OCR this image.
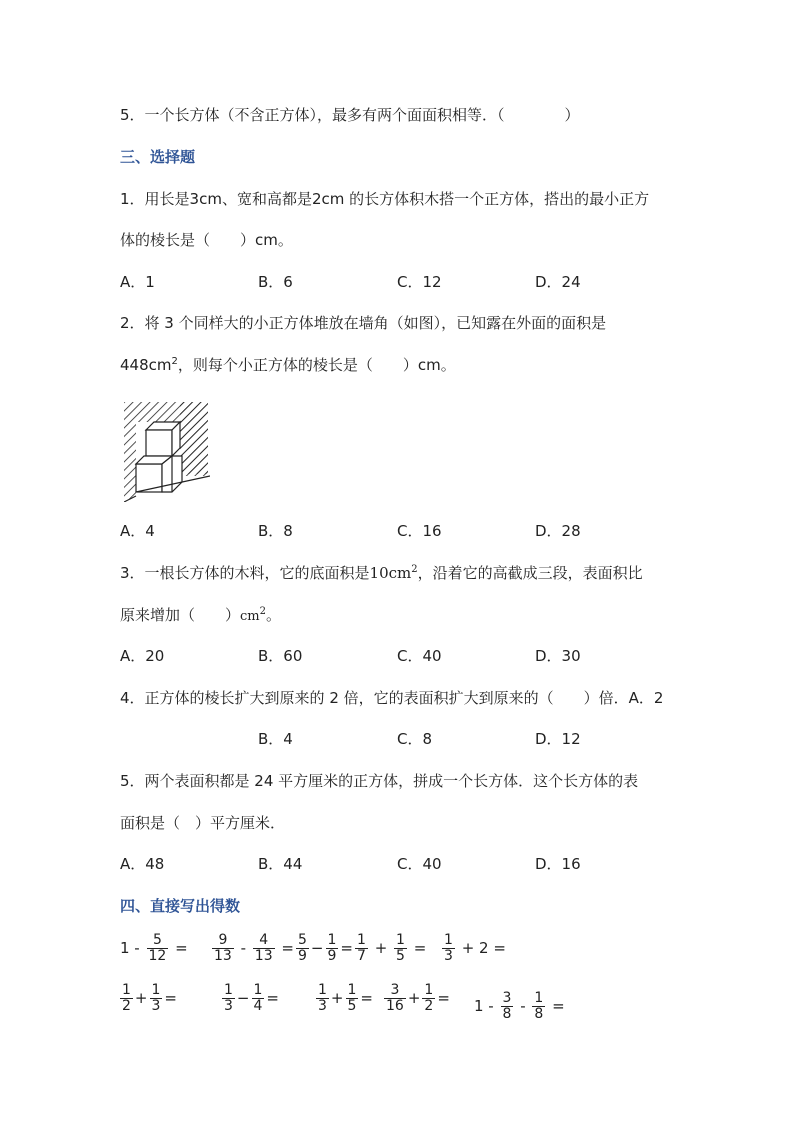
5．一个长方体（不含正方体），最多有两个面面积相等．（　　　　）
三、选择题
1．用长是3cm、宽和高都是2cm 的长方体积木搭一个正方体，搭出的最小正方
体的棱长是（　　）cm。
A．1	B．6	C．12	D．24
2．将 3 个同样大的小正方体堆放在墙角（如图），已知露在外面的面积是
$448cm^2$，则每个小正方体的棱长是（　　）cm。
A．4	B．8	C．16	D．28
3．一根长方体的木料，它的底面积是$10cm^2$，沿着它的高截成三段，表面积比
原来增加（　　）$cm^2$。
A．20	B．60	C．40	D．30
4．正方体的棱长扩大到原来的 2 倍，它的表面积扩大到原来的（　　）倍．A．2
B．4	C．8	D．12
5．两个表面积都是 24 平方厘米的正方体，拼成一个长方体．这个长方体的表
面积是（　）平方厘米．
A．48	B．44	C．40	D．16
四、直接写出得数
$1 - \frac{5}{12} = \frac{9}{13} - \frac{4}{13} = \frac{5}{9} - \frac{1}{9} = \frac{1}{7} + \frac{1}{5} = \frac{1}{3} + 2$ =
$\frac{1}{2} + \frac{1}{3}$ =	$\frac{1}{3} - \frac{1}{4}$ =	$\frac{1}{3} + \frac{1}{5} = \frac{3}{16} + \frac{1}{2} = 1 - \frac{3}{8} - \frac{1}{8}$ =
